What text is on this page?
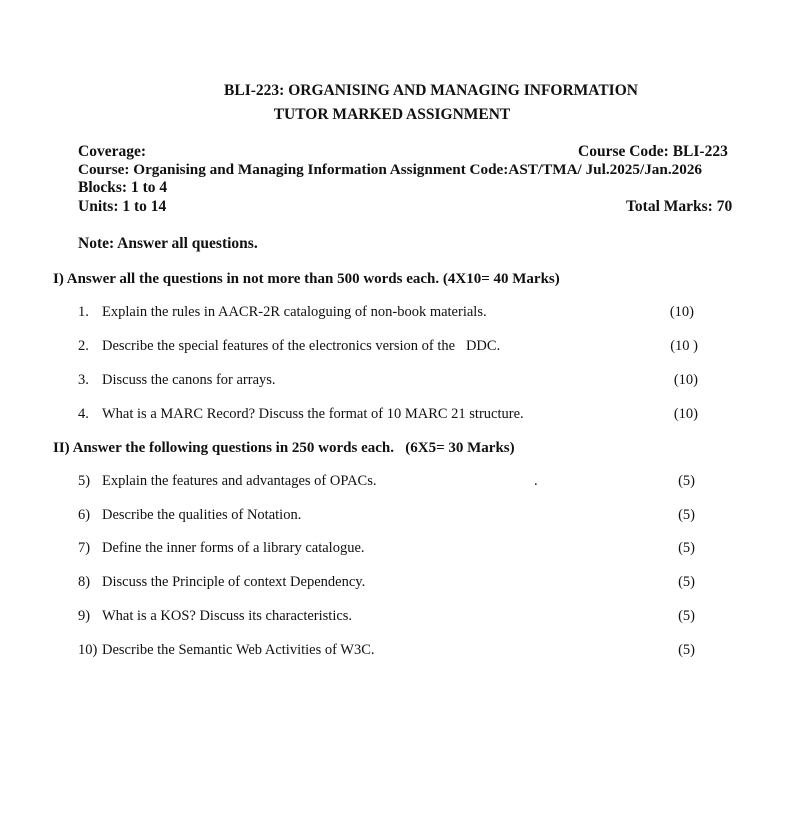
BLI-223: ORGANISING AND MANAGING INFORMATION
TUTOR MARKED ASSIGNMENT
Coverage:	Course Code: BLI-223
Course: Organising and Managing Information Assignment Code:AST/TMA/ Jul.2025/Jan.2026
Blocks: 1 to 4
Units: 1 to 14	Total Marks: 70
Note: Answer all questions.
I) Answer all the questions in not more than 500 words each. (4X10= 40 Marks)
1. Explain the rules in AACR-2R cataloguing of non-book materials.	(10)
2. Describe the special features of the electronics version of the   DDC.	(10 )
3. Discuss the canons for arrays.	(10)
4. What is a MARC Record? Discuss the format of 10 MARC 21 structure.	(10)
II) Answer the following questions in 250 words each.   (6X5= 30 Marks)
5) Explain the features and advantages of OPACs.	.	(5)
6) Describe the qualities of Notation.	(5)
7) Define the inner forms of a library catalogue.	(5)
8) Discuss the Principle of context Dependency.	(5)
9) What is a KOS? Discuss its characteristics.	(5)
10) Describe the Semantic Web Activities of W3C.	(5)
